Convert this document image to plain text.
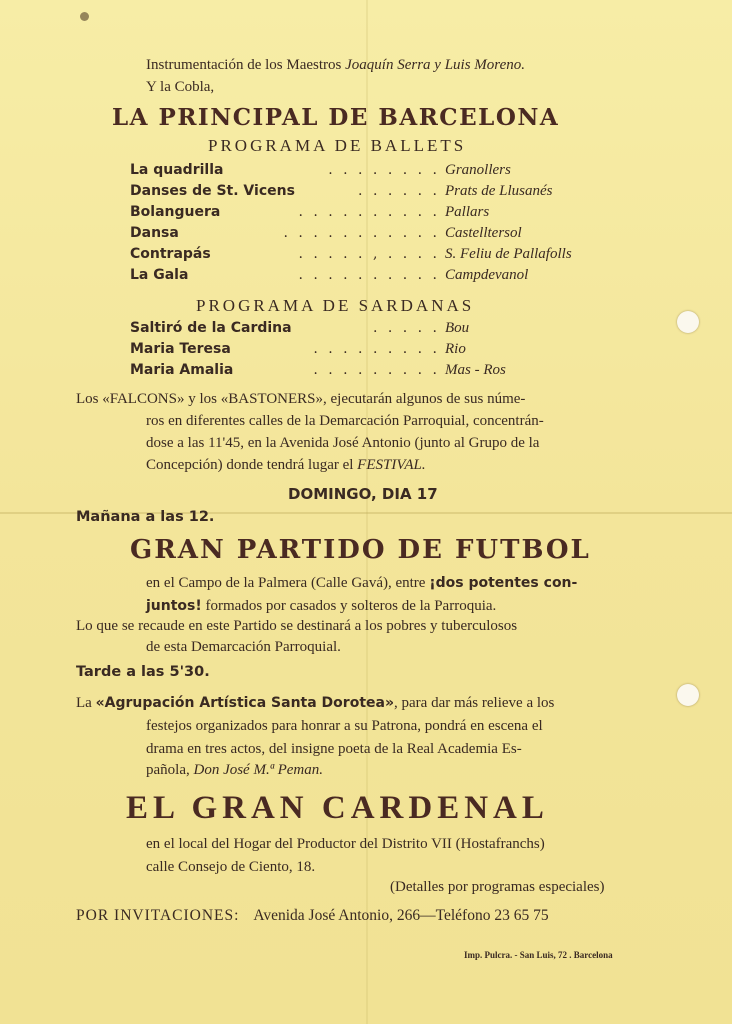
Instrumentación de los Maestros Joaquín Serra y Luis Moreno.
Y la Cobla,
LA PRINCIPAL DE BARCELONA
PROGRAMA DE BALLETS
. . . . . . . .
La quadrilla	Granollers
. . . . . .
Danses de St. Vicens	Prats de Llusanés
. . . . . . . . . .
Bolanguera	Pallars
. . . . . . . . . . .
Dansa	Castelltersol
. . . . . , . . . .
Contrapás	S. Feliu de Pallafolls
. . . . . . . . . .
La Gala	Campdevanol
PROGRAMA DE SARDANAS
. . . . .
Saltiró de la Cardina	Bou
. . . . . . . . .
Maria Teresa	Rio
. . . . . . . . .
Maria Amalia	Mas - Ros
Los «FALCONS» y los «BASTONERS», ejecutarán algunos de sus núme-
ros en diferentes calles de la Demarcación Parroquial, concentrán-
dose a las 11'45, en la Avenida José Antonio (junto al Grupo de la
Concepción) donde tendrá lugar el FESTIVAL.
DOMINGO, DIA 17
Mañana a las 12.
GRAN PARTIDO DE FUTBOL
en el Campo de la Palmera (Calle Gavá), entre ¡dos potentes con-
juntos! formados por casados y solteros de la Parroquia.
Lo que se recaude en este Partido se destinará a los pobres y tuberculosos
de esta Demarcación Parroquial.
Tarde a las 5'30.
La «Agrupación Artística Santa Dorotea», para dar más relieve a los
festejos organizados para honrar a su Patrona, pondrá en escena el
drama en tres actos, del insigne poeta de la Real Academia Es-
pañola, Don José M.ª Peman.
EL GRAN CARDENAL
en el local del Hogar del Productor del Distrito VII (Hostafranchs)
calle Consejo de Ciento, 18.
(Detalles por programas especiales)
POR INVITACIONES: Avenida José Antonio, 266—Teléfono 23 65 75
Imp. Pulcra. - San Luis, 72 . Barcelona
